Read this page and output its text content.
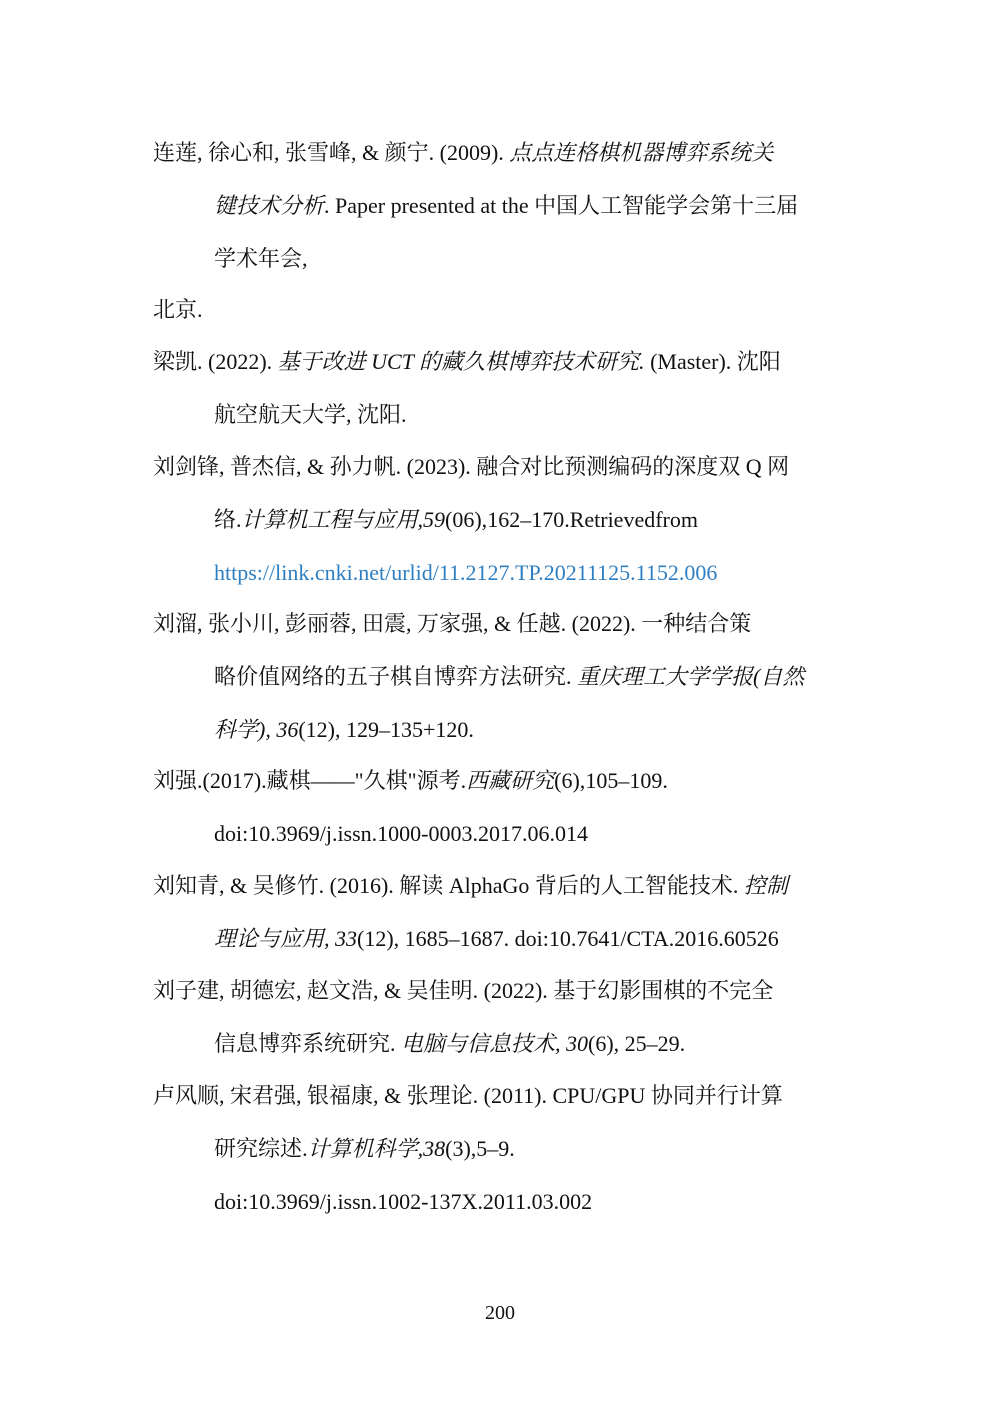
连莲, 徐心和, 张雪峰, & 颜宁. (2009). 点点连格棋机器博弈系统关
键技术分析. Paper presented at the 中国人工智能学会第十三届
学术年会,
北京.
梁凯. (2022). 基于改进 UCT 的藏久棋博弈技术研究. (Master). 沈阳
航空航天大学, 沈阳.
刘剑锋, 普杰信, & 孙力帆. (2023). 融合对比预测编码的深度双 Q 网
络.计算机工程与应用,59(06),162–170.Retrievedfrom
https://link.cnki.net/urlid/11.2127.TP.20211125.1152.006
刘溜, 张小川, 彭丽蓉, 田震, 万家强, & 任越. (2022). 一种结合策
略价值网络的五子棋自博弈方法研究. 重庆理工大学学报(自然
科学), 36(12), 129–135+120.
刘强.(2017).藏棋——"久棋"源考.西藏研究(6),105–109.
doi:10.3969/j.issn.1000-0003.2017.06.014
刘知青, & 吴修竹. (2016). 解读 AlphaGo 背后的人工智能技术. 控制
理论与应用, 33(12), 1685–1687. doi:10.7641/CTA.2016.60526
刘子建, 胡德宏, 赵文浩, & 吴佳明. (2022). 基于幻影围棋的不完全
信息博弈系统研究. 电脑与信息技术, 30(6), 25–29.
卢风顺, 宋君强, 银福康, & 张理论. (2011). CPU/GPU 协同并行计算
研究综述.计算机科学,38(3),5–9.
doi:10.3969/j.issn.1002-137X.2011.03.002
200
